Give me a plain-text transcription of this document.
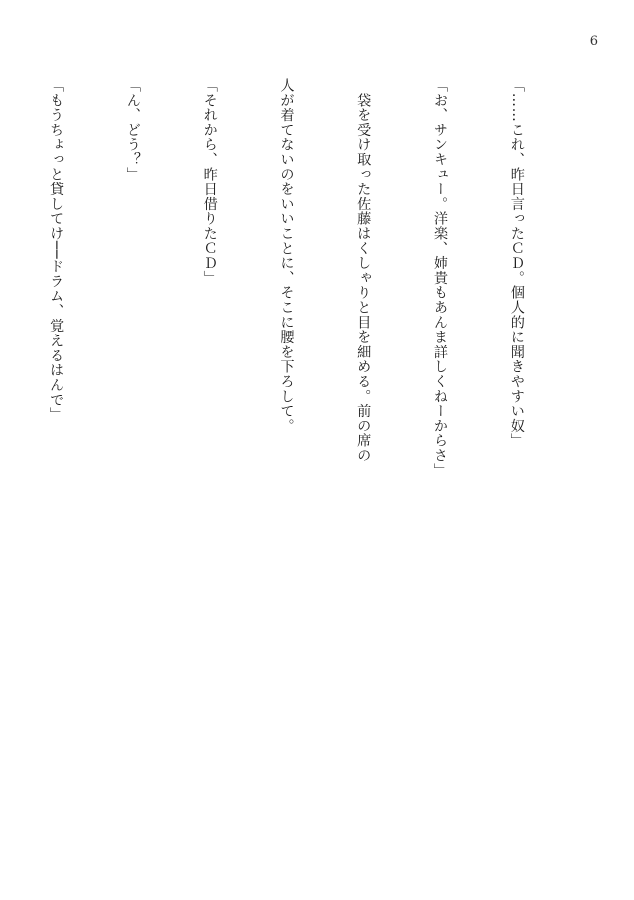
6

「……これ、昨日言ったＣＤ。個人的に聞きやすい奴」

「お、サンキュー。洋楽、姉貴もあんま詳しくねーからさ」

　袋を受け取った佐藤はくしゃりと目を細める。前の席の

人が着てないのをいいことに、そこに腰を下ろして。

「それから、昨日借りたＣＤ」

「ん、どう？」

「もうちょっと貸してけ──ドラム、覚えるはんで」
